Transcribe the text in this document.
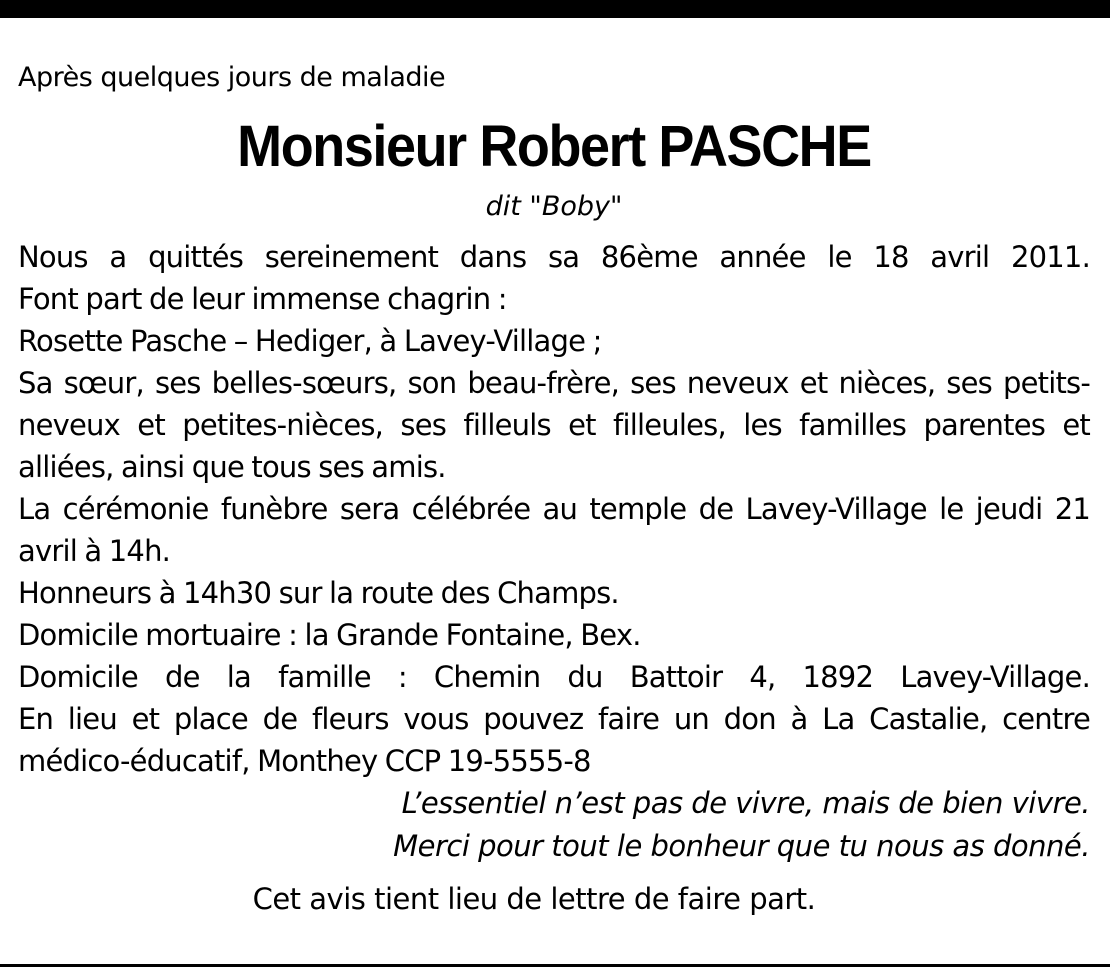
Après quelques jours de maladie

Monsieur Robert PASCHE

dit "Boby"

Nous a quittés sereinement dans sa 86ème année le 18 avril 2011.

Font part de leur immense chagrin :

Rosette Pasche – Hediger, à Lavey-Village ;

Sa sœur, ses belles-sœurs, son beau-frère, ses neveux et nièces, ses petits-neveux et petites-nièces, ses filleuls et filleules, les familles parentes et alliées, ainsi que tous ses amis.

La cérémonie funèbre sera célébrée au temple de Lavey-Village le jeudi 21 avril à 14h.

Honneurs à 14h30 sur la route des Champs.

Domicile mortuaire : la Grande Fontaine, Bex.

Domicile de la famille : Chemin du Battoir 4, 1892 Lavey-Village.

En lieu et place de fleurs vous pouvez faire un don à La Castalie, centre médico-éducatif, Monthey CCP 19-5555-8

L’essentiel n’est pas de vivre, mais de bien vivre.

Merci pour tout le bonheur que tu nous as donné.

Cet avis tient lieu de lettre de faire part.
